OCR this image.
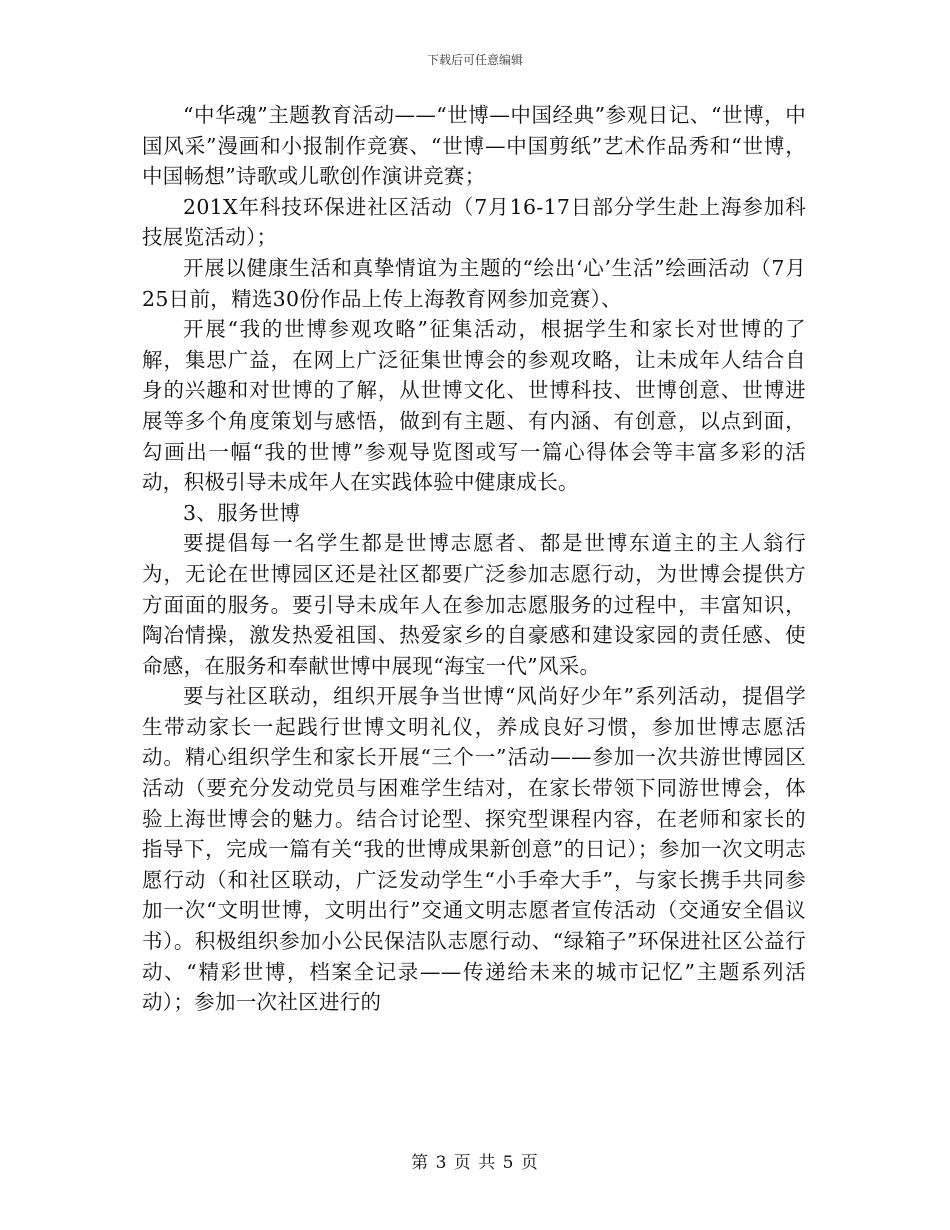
下载后可任意编辑

“中华魂”主题教育活动——“世博—中国经典”参观日记、“世博，中国风采”漫画和小报制作竞赛、“世博—中国剪纸”艺术作品秀和“世博，中国畅想”诗歌或儿歌创作演讲竞赛；

201X年科技环保进社区活动（7月16-17日部分学生赴上海参加科技展览活动）；

开展以健康生活和真挚情谊为主题的“绘出‘心’生活”绘画活动（7月25日前，精选30份作品上传上海教育网参加竞赛）、

开展“我的世博参观攻略”征集活动，根据学生和家长对世博的了解，集思广益，在网上广泛征集世博会的参观攻略，让未成年人结合自身的兴趣和对世博的了解，从世博文化、世博科技、世博创意、世博进展等多个角度策划与感悟，做到有主题、有内涵、有创意，以点到面，勾画出一幅“我的世博”参观导览图或写一篇心得体会等丰富多彩的活动，积极引导未成年人在实践体验中健康成长。

3、服务世博

要提倡每一名学生都是世博志愿者、都是世博东道主的主人翁行为，无论在世博园区还是社区都要广泛参加志愿行动，为世博会提供方方面面的服务。要引导未成年人在参加志愿服务的过程中，丰富知识，陶冶情操，激发热爱祖国、热爱家乡的自豪感和建设家园的责任感、使命感，在服务和奉献世博中展现“海宝一代”风采。

要与社区联动，组织开展争当世博“风尚好少年”系列活动，提倡学生带动家长一起践行世博文明礼仪，养成良好习惯，参加世博志愿活动。精心组织学生和家长开展“三个一”活动——参加一次共游世博园区活动（要充分发动党员与困难学生结对，在家长带领下同游世博会，体验上海世博会的魅力。结合讨论型、探究型课程内容，在老师和家长的指导下，完成一篇有关“我的世博成果新创意”的日记）；参加一次文明志愿行动（和社区联动，广泛发动学生“小手牵大手”，与家长携手共同参加一次“文明世博，文明出行”交通文明志愿者宣传活动（交通安全倡议书）。积极组织参加小公民保洁队志愿行动、“绿箱子”环保进社区公益行动、“精彩世博，档案全记录——传递给未来的城市记忆”主题系列活动）；参加一次社区进行的

第 3 页 共 5 页
